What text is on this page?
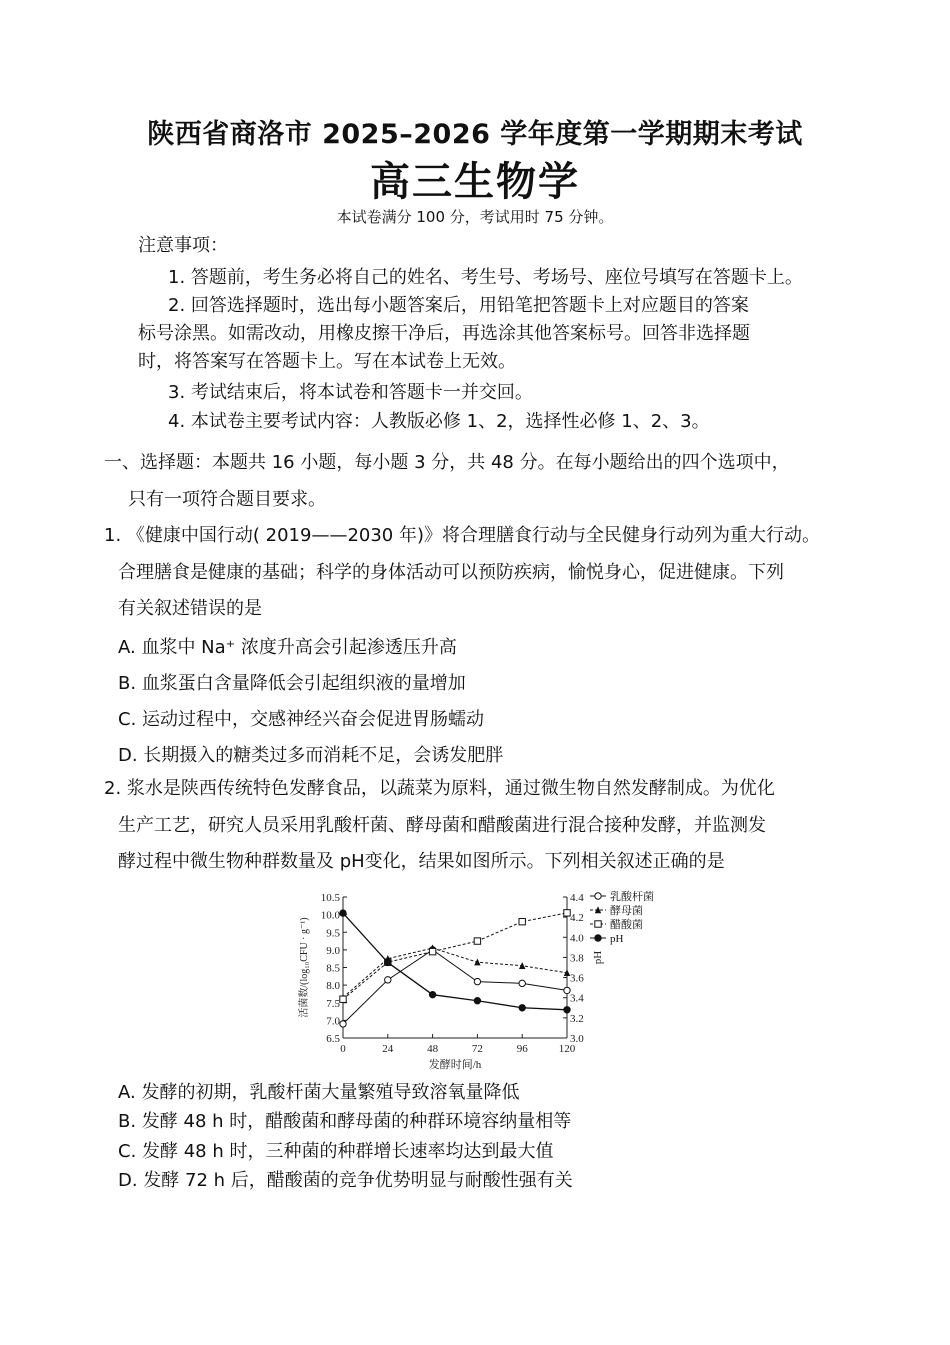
陕西省商洛市 2025–2026 学年度第一学期期末考试
高三生物学
本试卷满分 100 分，考试用时 75 分钟。
注意事项：
1. 答题前，考生务必将自己的姓名、考生号、考场号、座位号填写在答题卡上。
2. 回答选择题时，选出每小题答案后，用铅笔把答题卡上对应题目的答案
标号涂黑。如需改动，用橡皮擦干净后，再选涂其他答案标号。回答非选择题
时，将答案写在答题卡上。写在本试卷上无效。
3. 考试结束后，将本试卷和答题卡一并交回。
4. 本试卷主要考试内容：人教版必修 1、2，选择性必修 1、2、3。
一、选择题：本题共 16 小题，每小题 3 分，共 48 分。在每小题给出的四个选项中，
只有一项符合题目要求。
1. 《健康中国行动( 2019——2030 年)》将合理膳食行动与全民健身行动列为重大行动。
合理膳食是健康的基础；科学的身体活动可以预防疾病，愉悦身心，促进健康。下列
有关叙述错误的是
A. 血浆中 Na⁺ 浓度升高会引起渗透压升高
B. 血浆蛋白含量降低会引起组织液的量增加
C. 运动过程中，交感神经兴奋会促进胃肠蠕动
D. 长期摄入的糖类过多而消耗不足，会诱发肥胖
2. 浆水是陕西传统特色发酵食品，以蔬菜为原料，通过微生物自然发酵制成。为优化
生产工艺，研究人员采用乳酸杆菌、酵母菌和醋酸菌进行混合接种发酵，并监测发
酵过程中微生物种群数量及 pH变化，结果如图所示。下列相关叙述正确的是
6.5
7.0
7.5
8.0
8.5
9.0
9.5
10.0
10.5
3.0
3.2
3.4
3.6
3.8
4.0
4.2
4.4
0	24	48	72	96	120
发酵时间/h
活菌数/(log₁₀CFU · g⁻¹)	pH
乳酸杆菌
酵母菌
醋酸菌
pH
A. 发酵的初期，乳酸杆菌大量繁殖导致溶氧量降低
B. 发酵 48 h 时，醋酸菌和酵母菌的种群环境容纳量相等
C. 发酵 48 h 时，三种菌的种群增长速率均达到最大值
D. 发酵 72 h 后，醋酸菌的竞争优势明显与耐酸性强有关
